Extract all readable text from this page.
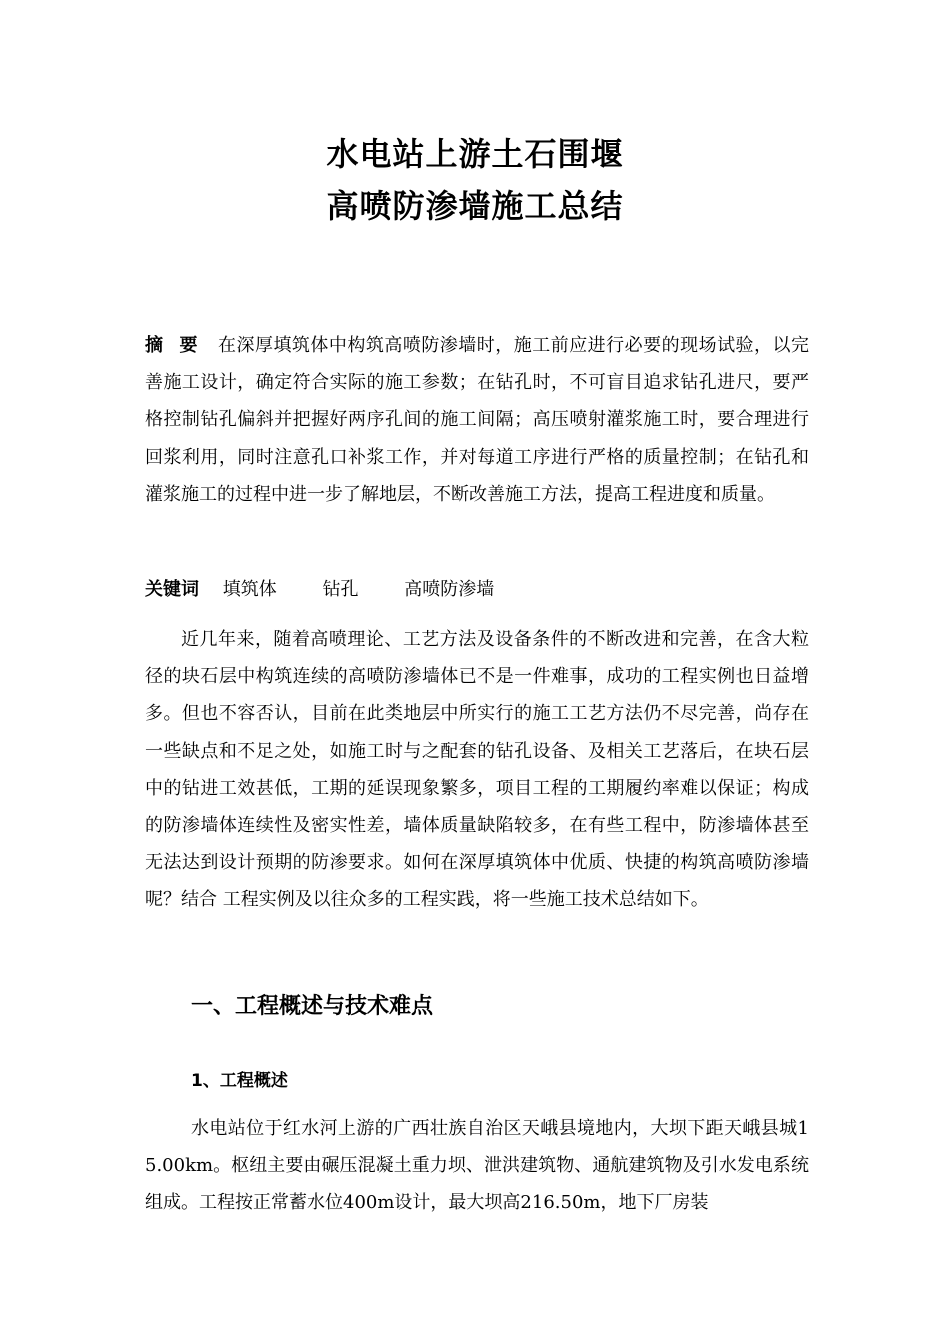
水电站上游土石围堰
高喷防渗墙施工总结
摘要 在深厚填筑体中构筑高喷防渗墙时，施工前应进行必要的现场试验，以完善施工设计，确定符合实际的施工参数；在钻孔时，不可盲目追求钻孔进尺，要严格控制钻孔偏斜并把握好两序孔间的施工间隔；高压喷射灌浆施工时，要合理进行回浆利用，同时注意孔口补浆工作，并对每道工序进行严格的质量控制；在钻孔和灌浆施工的过程中进一步了解地层，不断改善施工方法，提高工程进度和质量。
关键词 填筑体	钻孔	高喷防渗墙
近几年来，随着高喷理论、工艺方法及设备条件的不断改进和完善，在含大粒径的块石层中构筑连续的高喷防渗墙体已不是一件难事，成功的工程实例也日益增多。但也不容否认，目前在此类地层中所实行的施工工艺方法仍不尽完善，尚存在一些缺点和不足之处，如施工时与之配套的钻孔设备、及相关工艺落后，在块石层中的钻进工效甚低，工期的延误现象繁多，项目工程的工期履约率难以保证；构成的防渗墙体连续性及密实性差，墙体质量缺陷较多，在有些工程中，防渗墙体甚至无法达到设计预期的防渗要求。如何在深厚填筑体中优质、快捷的构筑高喷防渗墙呢？结合 工程实例及以往众多的工程实践，将一些施工技术总结如下。
一、工程概述与技术难点
1、工程概述
水电站位于红水河上游的广西壮族自治区天峨县境地内，大坝下距天峨县城15.00km。枢纽主要由碾压混凝土重力坝、泄洪建筑物、通航建筑物及引水发电系统组成。工程按正常蓄水位400m设计，最大坝高216.50m，地下厂房装
